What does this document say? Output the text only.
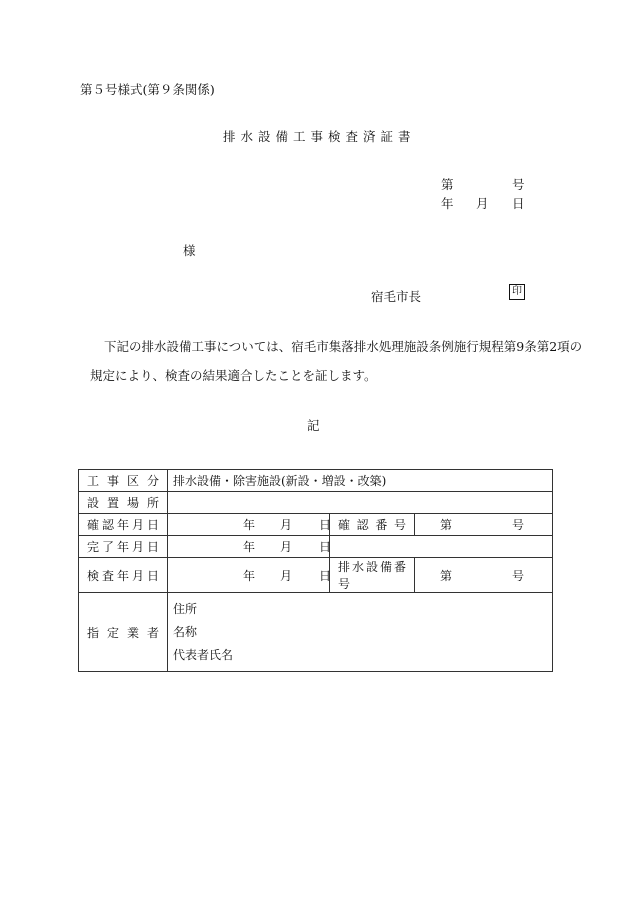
第５号様式(第９条関係)
排水設備工事検査済証書
第	号
年 月 日
様
宿毛市長	印
下記の排水設備工事については、宿毛市集落排水処理施設条例施行規程第9条第2項の
規定により、検査の結果適合したことを証します。
記
工事区分	排水設備・除害施設(新設・増設・改築)		
設置場所			
確認年月日	年 月 日	確認番号	第 号
完了年月日	年 月 日		
検査年月日	年 月 日	排水設備番号	第 号
指定業者	住所
名称
代表者氏名		
